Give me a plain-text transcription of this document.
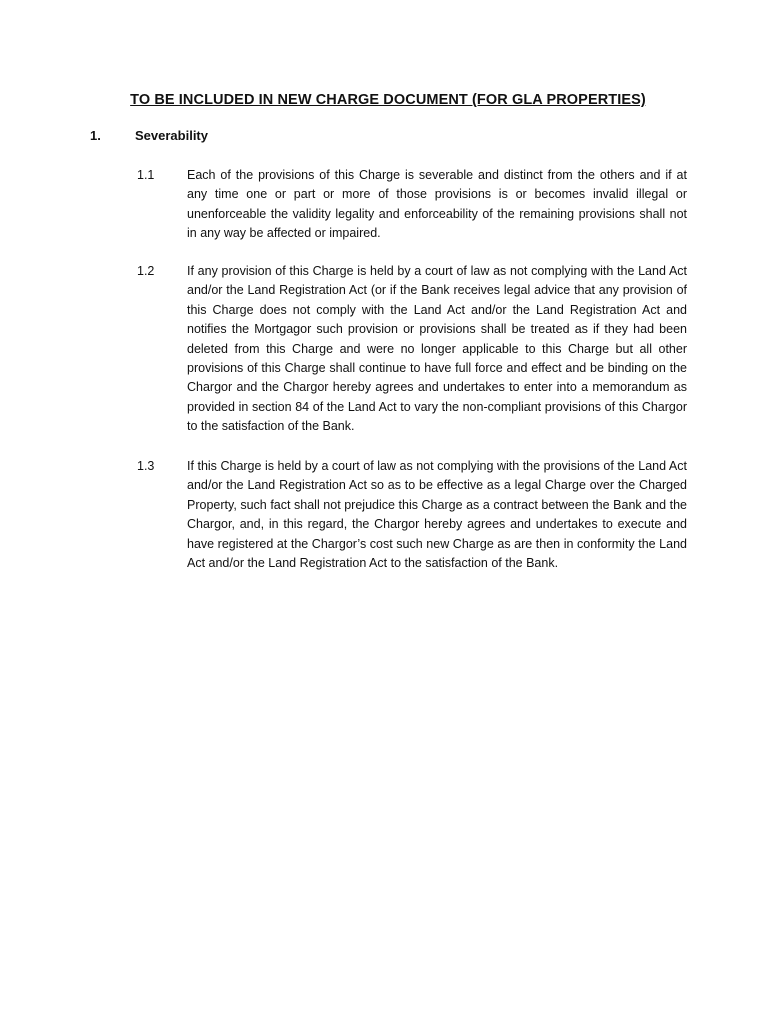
TO BE INCLUDED IN NEW CHARGE DOCUMENT (FOR GLA PROPERTIES)
1.	Severability
1.1	Each of the provisions of this Charge is severable and distinct from the others and if at any time one or part or more of those provisions is or becomes invalid illegal or unenforceable the validity legality and enforceability of the remaining provisions shall not in any way be affected or impaired.
1.2	If any provision of this Charge is held by a court of law as not complying with the Land Act and/or the Land Registration Act (or if the Bank receives legal advice that any provision of this Charge does not comply with the Land Act and/or the Land Registration Act and notifies the Mortgagor such provision or provisions shall be treated as if they had been deleted from this Charge and were no longer applicable to this Charge but all other provisions of this Charge shall continue to have full force and effect and be binding on the Chargor and the Chargor hereby agrees and undertakes to enter into a memorandum as provided in section 84 of the Land Act to vary the non-compliant provisions of this Chargor to the satisfaction of the Bank.
1.3	If this Charge is held by a court of law as not complying with the provisions of the Land Act and/or the Land Registration Act so as to be effective as a legal Charge over the Charged Property, such fact shall not prejudice this Charge as a contract between the Bank and the Chargor, and, in this regard, the Chargor hereby agrees and undertakes to execute and have registered at the Chargor’s cost such new Charge as are then in conformity the Land Act and/or the Land Registration Act to the satisfaction of the Bank.
